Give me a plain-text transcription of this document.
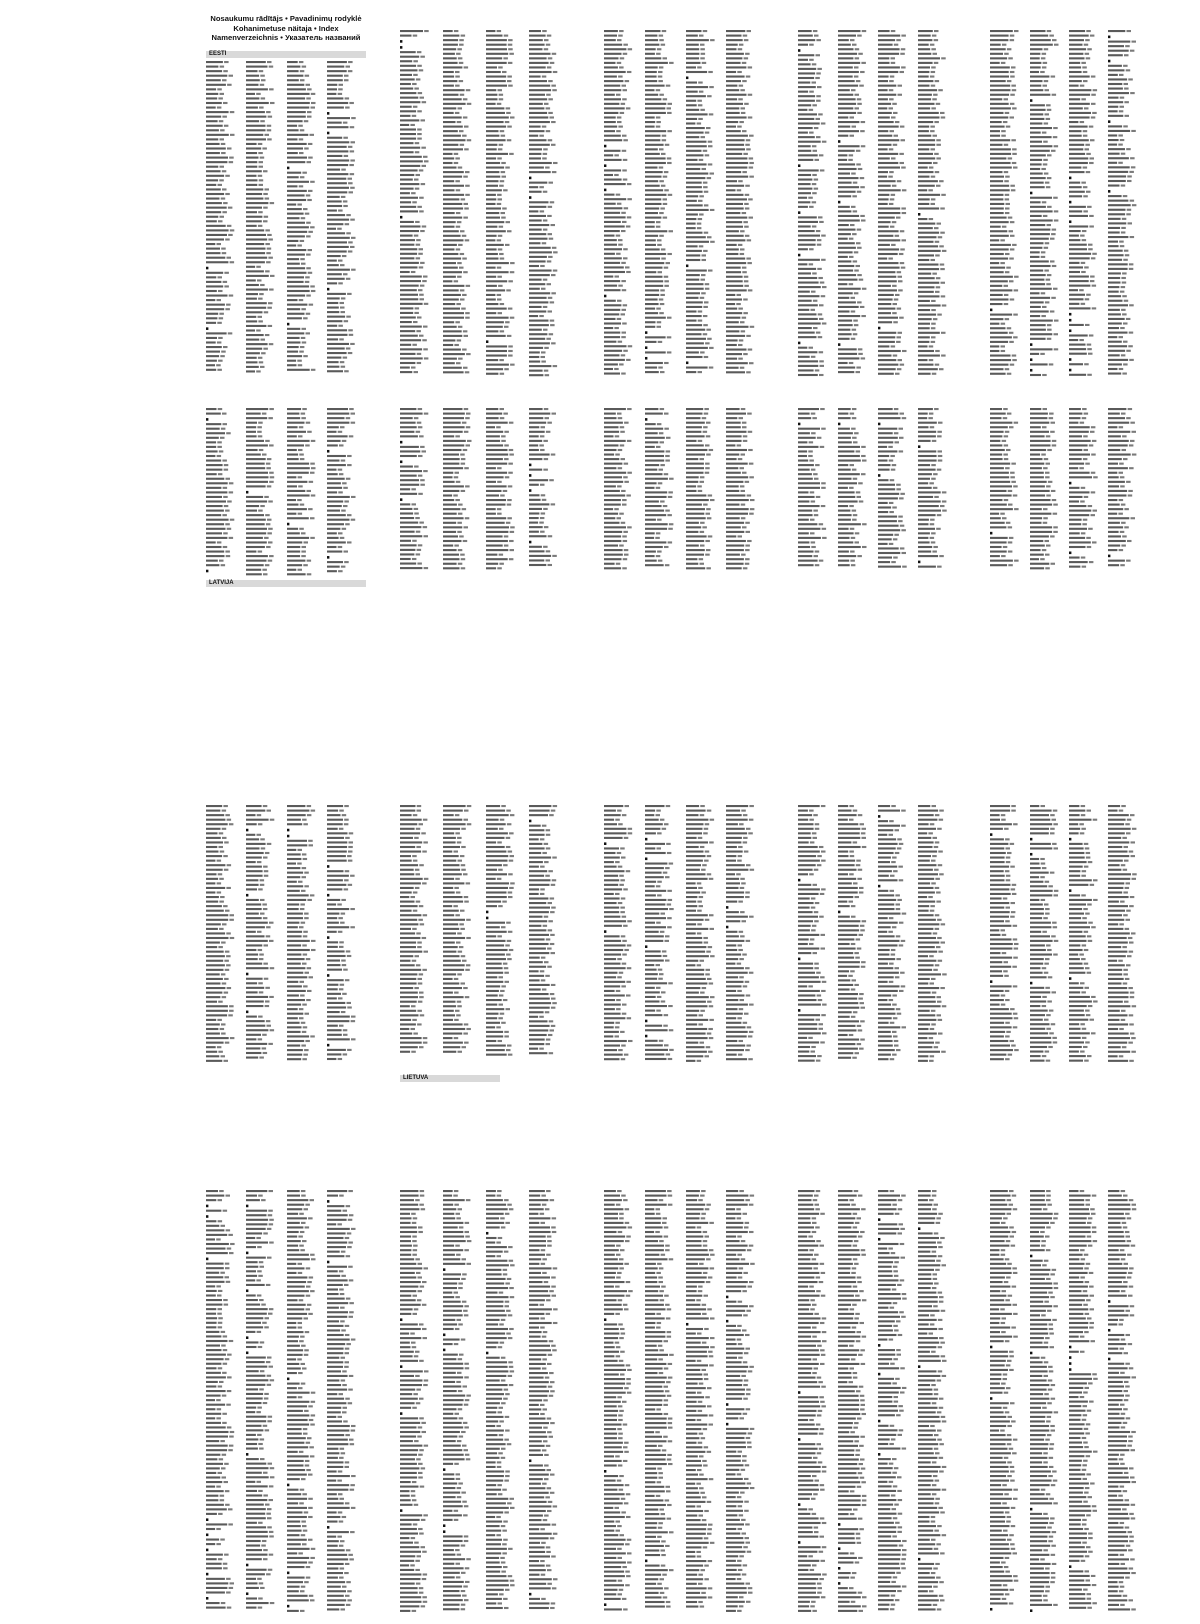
Nosaukumu rādītājs • Pavadinimų rodyklė
Kohanimetuse näitaja • Index
Namenverzeichnis • Указатель названий
EESTI
LATVIJA
LIETUVA
